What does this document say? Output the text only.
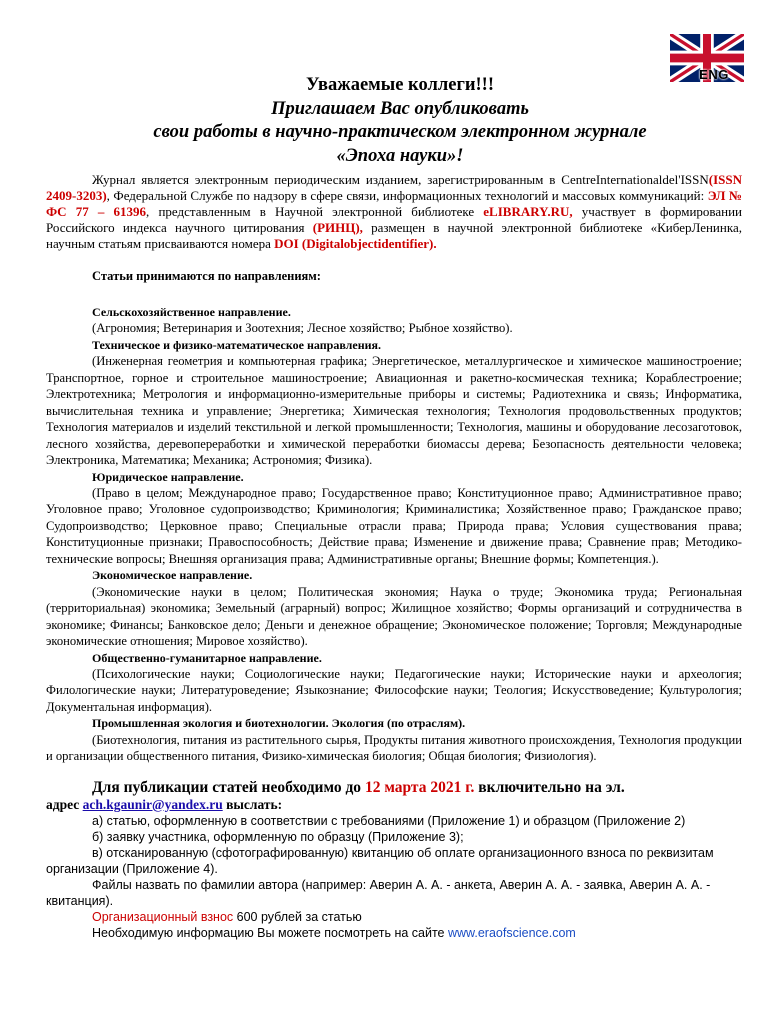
ENG
Уважаемые коллеги!!!
Приглашаем Вас опубликовать
свои работы в научно-практическом электронном журнале
«Эпоха науки»!

Журнал является электронным периодическим изданием, зарегистрированным в CentreInternationaldel'ISSN(ISSN 2409-3203), Федеральной Службе по надзору в сфере связи, информационных технологий и массовых коммуникаций: ЭЛ № ФС 77 – 61396, представленным в Научной электронной библиотеке eLIBRARY.RU, участвует в формировании Российского индекса научного цитирования (РИНЦ), размещен в научной электронной библиотеке «КиберЛенинка, научным статьям присваиваются номера DOI (Digitalobjectidentifier).

Статьи принимаются по направлениям:

Сельскохозяйственное направление.

(Агрономия; Ветеринария и Зоотехния; Лесное хозяйство; Рыбное хозяйство).

Техническое и физико-математическое направления.

(Инженерная геометрия и компьютерная графика; Энергетическое, металлургическое и химическое машиностроение; Транспортное, горное и строительное машиностроение; Авиационная и ракетно-космическая техника; Кораблестроение; Электротехника; Метрология и информационно-измерительные приборы и системы; Радиотехника и связь; Информатика, вычислительная техника и управление; Энергетика; Химическая технология; Технология продовольственных продуктов; Технология материалов и изделий текстильной и легкой промышленности; Технология, машины и оборудование лесозаготовок, лесного хозяйства, деревопереработки и химической переработки биомассы дерева; Безопасность деятельности человека; Электроника, Математика; Механика; Астрономия; Физика).

Юридическое направление.

(Право в целом; Международное право; Государственное право; Конституционное право; Административное право; Уголовное право; Уголовное судопроизводство; Криминология; Криминалистика; Хозяйственное право; Гражданское право; Судопроизводство; Церковное право; Специальные отрасли права; Природа права; Условия существования права; Конституционные признаки; Правоспособность; Действие права; Изменение и движение права; Сравнение прав; Методико-технические вопросы; Внешняя организация права; Административные органы; Внешние формы; Компетенция.).

Экономическое направление.

(Экономические науки в целом; Политическая экономия; Наука о труде; Экономика труда; Региональная (территориальная) экономика; Земельный (аграрный) вопрос; Жилищное хозяйство; Формы организаций и сотрудничества в экономике; Финансы; Банковское дело; Деньги и денежное обращение; Экономическое положение; Торговля; Международные экономические отношения; Мировое хозяйство).

Общественно-гуманитарное направление.

(Психологические науки; Социологические науки; Педагогические науки; Исторические науки и археология; Филологические науки; Литературоведение; Языкознание; Философские науки; Теология; Искусствоведение; Культурология; Документальная информация).

Промышленная экология и биотехнологии. Экология (по отраслям).

(Биотехнология, питания из растительного сырья, Продукты питания животного происхождения, Технология продукции и организации общественного питания, Физико-химическая биология; Общая биология; Физиология).

Для публикации статей необходимо до 12 марта 2021 г. включительно на эл.

адрес ach.kgaunir@yandex.ru выслать:

а) статью, оформленную в соответствии с требованиями (Приложение 1) и образцом (Приложение 2)

б) заявку участника, оформленную по образцу (Приложение 3);

в) отсканированную (сфотографированную) квитанцию об оплате организационного взноса по реквизитам организации (Приложение 4).

Файлы назвать по фамилии автора (например: Аверин А. А. - анкета, Аверин А. А. - заявка, Аверин А. А. - квитанция).

Организационный взнос 600 рублей за статью

Необходимую информацию Вы можете посмотреть на сайте www.eraofscience.com
